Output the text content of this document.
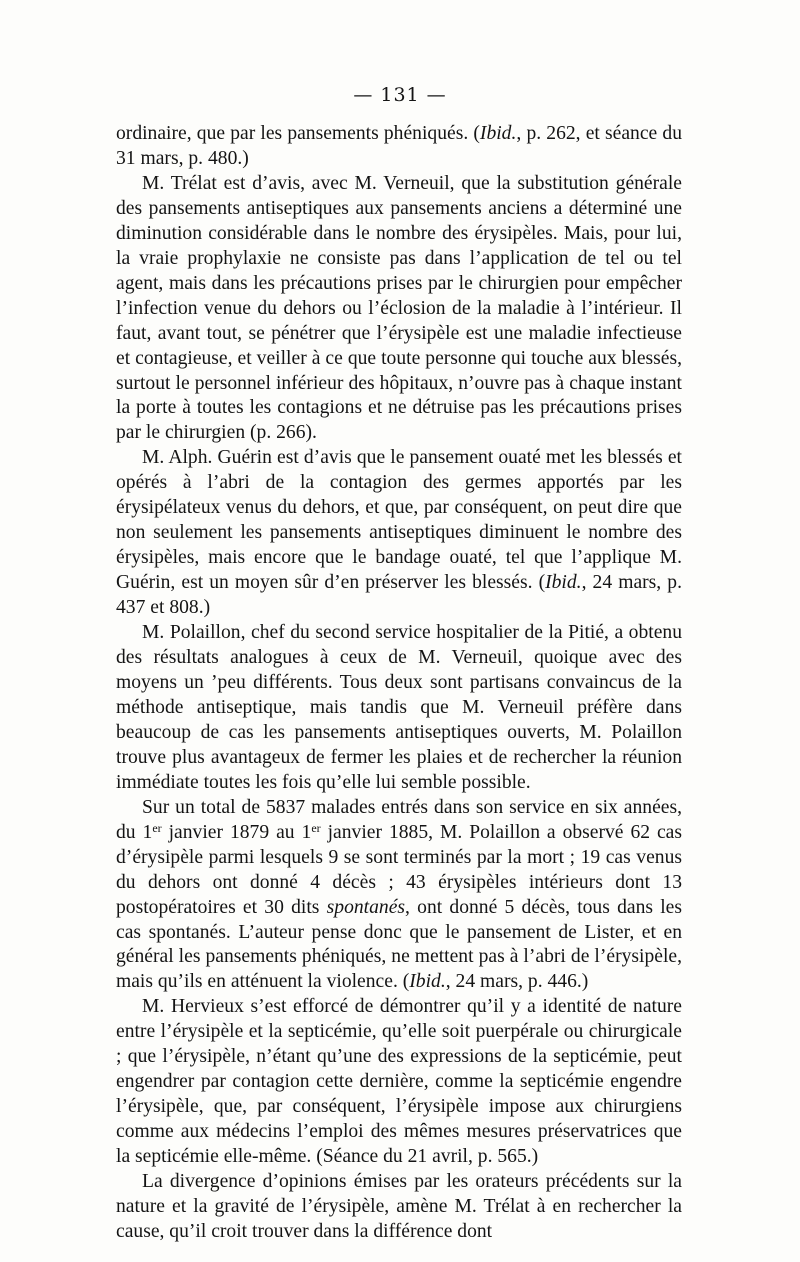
— 131 —

ordinaire, que par les pansements phéniqués. (Ibid., p. 262, et séance du 31 mars, p. 480.)

M. Trélat est d’avis, avec M. Verneuil, que la substitution générale des pansements antiseptiques aux pansements anciens a déterminé une diminution considérable dans le nombre des érysipèles. Mais, pour lui, la vraie prophylaxie ne consiste pas dans l’application de tel ou tel agent, mais dans les précautions prises par le chirurgien pour empêcher l’infection venue du dehors ou l’éclosion de la maladie à l’intérieur. Il faut, avant tout, se pénétrer que l’érysipèle est une maladie infectieuse et contagieuse, et veiller à ce que toute personne qui touche aux blessés, surtout le personnel inférieur des hôpitaux, n’ouvre pas à chaque instant la porte à toutes les contagions et ne détruise pas les précautions prises par le chirurgien (p. 266).

M. Alph. Guérin est d’avis que le pansement ouaté met les blessés et opérés à l’abri de la contagion des germes apportés par les érysipélateux venus du dehors, et que, par conséquent, on peut dire que non seulement les pansements antiseptiques diminuent le nombre des érysipèles, mais encore que le bandage ouaté, tel que l’applique M. Guérin, est un moyen sûr d’en préserver les blessés. (Ibid., 24 mars, p. 437 et 808.)

M. Polaillon, chef du second service hospitalier de la Pitié, a obtenu des résultats analogues à ceux de M. Verneuil, quoique avec des moyens un ’peu différents. Tous deux sont partisans convaincus de la méthode antiseptique, mais tandis que M. Verneuil préfère dans beaucoup de cas les pansements antiseptiques ouverts, M. Polaillon trouve plus avantageux de fermer les plaies et de rechercher la réunion immédiate toutes les fois qu’elle lui semble possible.

Sur un total de 5837 malades entrés dans son service en six années, du 1er janvier 1879 au 1er janvier 1885, M. Polaillon a observé 62 cas d’érysipèle parmi lesquels 9 se sont terminés par la mort ; 19 cas venus du dehors ont donné 4 décès ; 43 érysipèles intérieurs dont 13 postopératoires et 30 dits spontanés, ont donné 5 décès, tous dans les cas spontanés. L’auteur pense donc que le pansement de Lister, et en général les pansements phéniqués, ne mettent pas à l’abri de l’érysipèle, mais qu’ils en atténuent la violence. (Ibid., 24 mars, p. 446.)

M. Hervieux s’est efforcé de démontrer qu’il y a identité de nature entre l’érysipèle et la septicémie, qu’elle soit puerpérale ou chirurgicale ; que l’érysipèle, n’étant qu’une des expressions de la septicémie, peut engendrer par contagion cette dernière, comme la septicémie engendre l’érysipèle, que, par conséquent, l’érysipèle impose aux chirurgiens comme aux médecins l’emploi des mêmes mesures préservatrices que la septicémie elle-même. (Séance du 21 avril, p. 565.)

La divergence d’opinions émises par les orateurs précédents sur la nature et la gravité de l’érysipèle, amène M. Trélat à en rechercher la cause, qu’il croit trouver dans la différence dont
